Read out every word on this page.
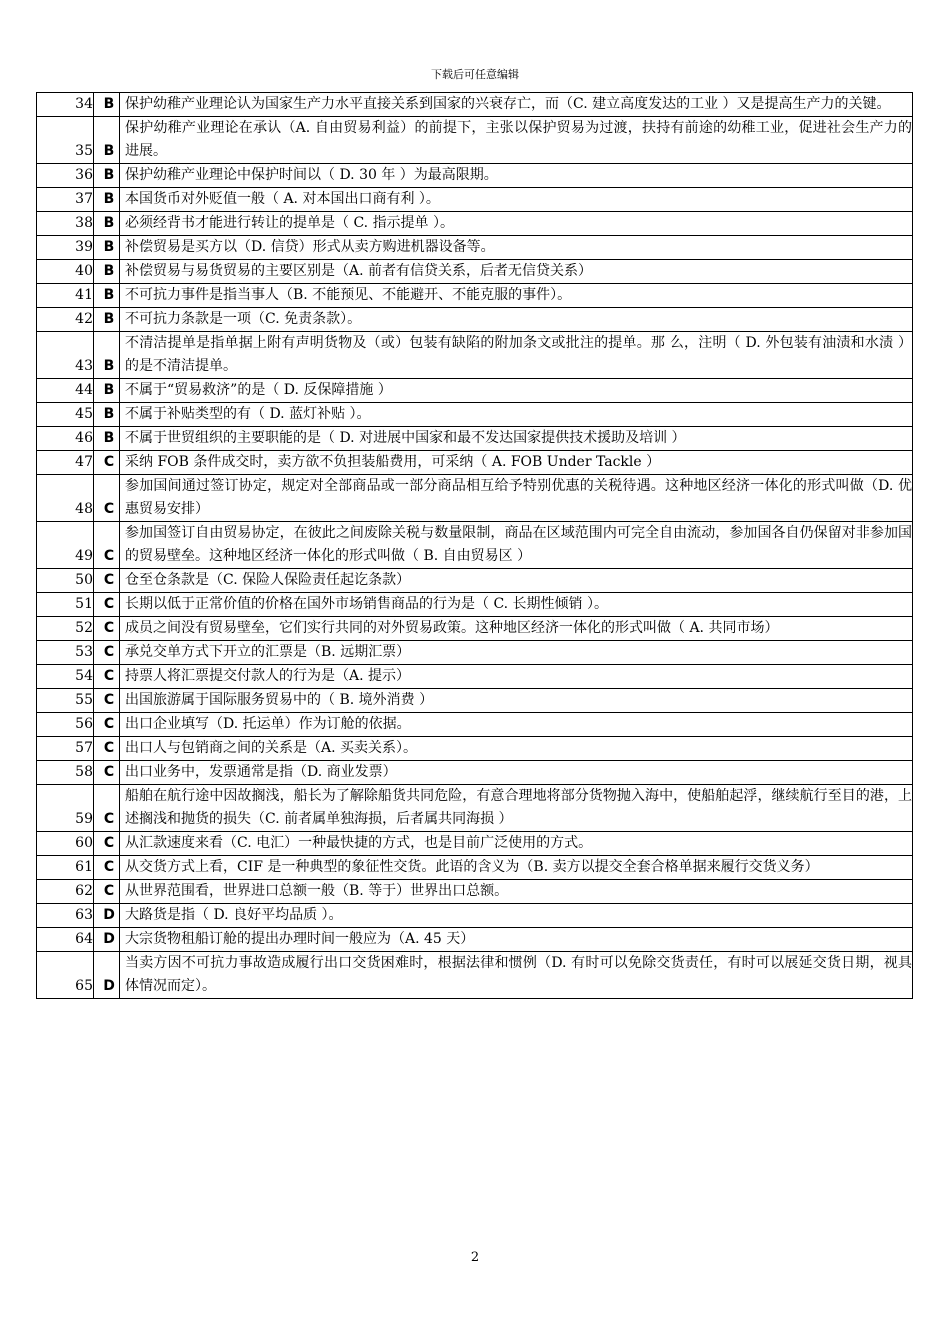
下载后可任意编辑
34	B	保护幼稚产业理论认为国家生产力水平直接关系到国家的兴衰存亡，而（C. 建立高度发达的工业 ）又是提高生产力的关键。
35	B	保护幼稚产业理论在承认（A. 自由贸易利益）的前提下，主张以保护贸易为过渡，扶持有前途的幼稚工业，促进社会生产力的进展。
36	B	保护幼稚产业理论中保护时间以（ D. 30 年 ）为最高限期。
37	B	本国货币对外贬值一般（ A. 对本国出口商有利 ）。
38	B	必须经背书才能进行转让的提单是（ C. 指示提单 ）。
39	B	补偿贸易是买方以（D. 信贷）形式从卖方购进机器设备等。
40	B	补偿贸易与易货贸易的主要区别是（A. 前者有信贷关系，后者无信贷关系）
41	B	不可抗力事件是指当事人（B. 不能预见、不能避开、不能克服的事件）。
42	B	不可抗力条款是一项（C. 免责条款）。
43	B	不清洁提单是指单据上附有声明货物及（或）包装有缺陷的附加条文或批注的提单。那 么，注明（ D. 外包装有油渍和水渍 ）的是不清洁提单。
44	B	不属于“贸易救济”的是（ D. 反保障措施 ）
45	B	不属于补贴类型的有（ D. 蓝灯补贴 ）。
46	B	不属于世贸组织的主要职能的是（ D. 对进展中国家和最不发达国家提供技术援助及培训 ）
47	C	采纳 FOB 条件成交时，卖方欲不负担装船费用，可采纳（ A. FOB Under Tackle ）
48	C	参加国间通过签订协定，规定对全部商品或一部分商品相互给予特别优惠的关税待遇。这种地区经济一体化的形式叫做（D. 优惠贸易安排）
49	C	参加国签订自由贸易协定，在彼此之间废除关税与数量限制，商品在区域范围内可完全自由流动，参加国各自仍保留对非参加国的贸易壁垒。这种地区经济一体化的形式叫做（ B. 自由贸易区 ）
50	C	仓至仓条款是（C. 保险人保险责任起讫条款）
51	C	长期以低于正常价值的价格在国外市场销售商品的行为是（ C. 长期性倾销 ）。
52	C	成员之间没有贸易壁垒，它们实行共同的对外贸易政策。这种地区经济一体化的形式叫做（ A. 共同市场）
53	C	承兑交单方式下开立的汇票是（B. 远期汇票）
54	C	持票人将汇票提交付款人的行为是（A. 提示）
55	C	出国旅游属于国际服务贸易中的（ B. 境外消费 ）
56	C	出口企业填写（D. 托运单）作为订舱的依据。
57	C	出口人与包销商之间的关系是（A. 买卖关系）。
58	C	出口业务中，发票通常是指（D. 商业发票）
59	C	船舶在航行途中因故搁浅，船长为了解除船货共同危险，有意合理地将部分货物抛入海中，使船舶起浮，继续航行至目的港，上述搁浅和抛货的损失（C. 前者属单独海损，后者属共同海损 ）
60	C	从汇款速度来看（C. 电汇）一种最快捷的方式，也是目前广泛使用的方式。
61	C	从交货方式上看，CIF 是一种典型的象征性交货。此语的含义为（B. 卖方以提交全套合格单据来履行交货义务）
62	C	从世界范围看，世界进口总额一般（B. 等于）世界出口总额。
63	D	大路货是指（ D. 良好平均品质 ）。
64	D	大宗货物租船订舱的提出办理时间一般应为（A. 45 天）
65	D	当卖方因不可抗力事故造成履行出口交货困难时，根据法律和惯例（D. 有时可以免除交货责任，有时可以展延交货日期，视具体情况而定）。
2
